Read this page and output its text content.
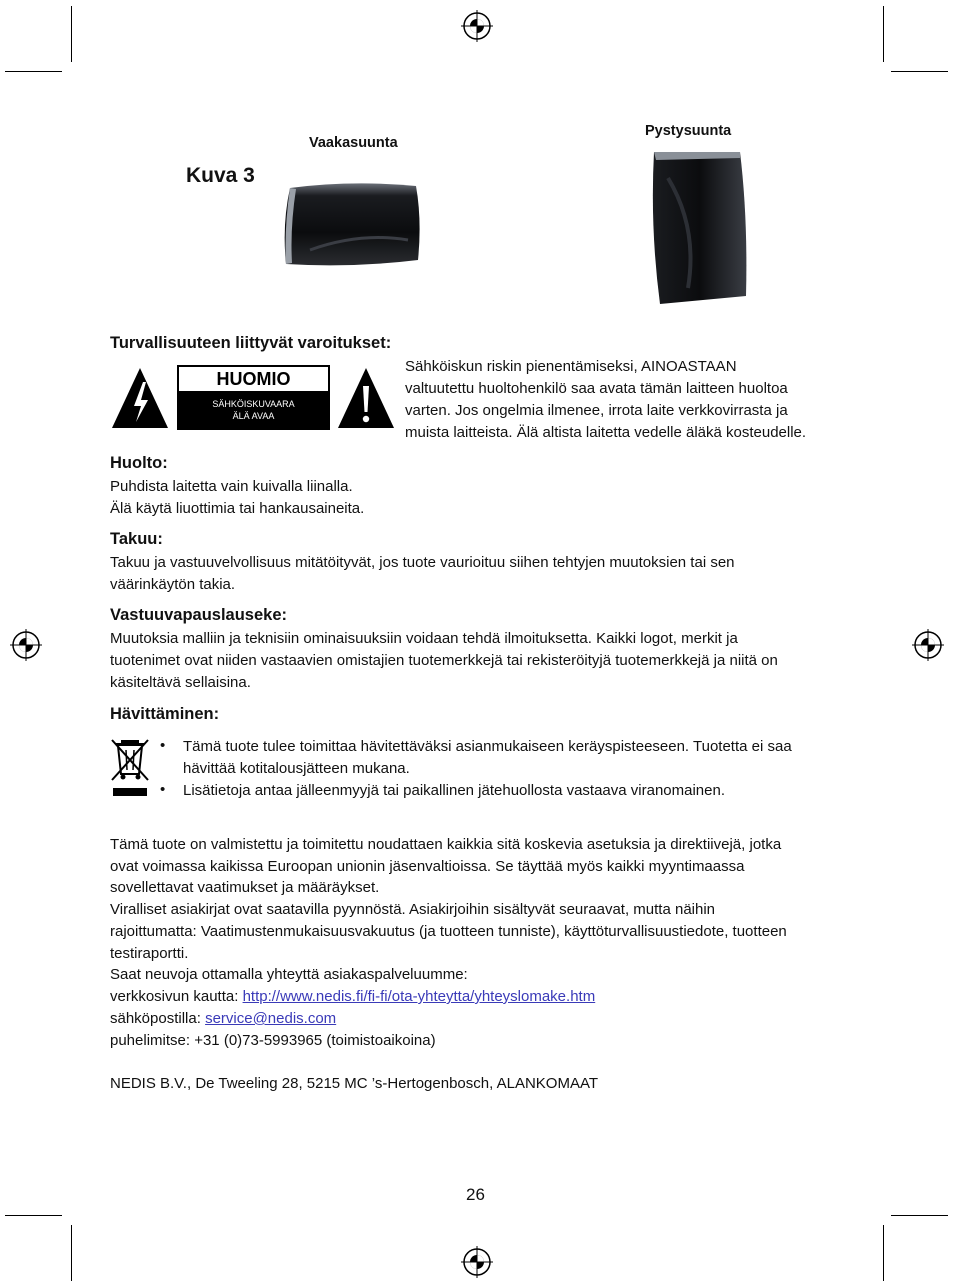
Vaakasuunta
Pystysuunta
Kuva 3
Turvallisuuteen liittyvät varoitukset:
HUOMIO
SÄHKÖISKUVAARA
ÄLÄ AVAA
Sähköiskun riskin pienentämiseksi, AINOASTAAN
valtuutettu huoltohenkilö saa avata tämän laitteen huoltoa
varten. Jos ongelmia ilmenee, irrota laite verkkovirrasta ja
muista laitteista. Älä altista laitetta vedelle äläkä kosteudelle.
Huolto:
Puhdista laitetta vain kuivalla liinalla.
Älä käytä liuottimia tai hankausaineita.
Takuu:
Takuu ja vastuuvelvollisuus mitätöityvät, jos tuote vaurioituu siihen tehtyjen muutoksien tai sen
väärinkäytön takia.
Vastuuvapauslauseke:
Muutoksia malliin ja teknisiin ominaisuuksiin voidaan tehdä ilmoituksetta. Kaikki logot, merkit ja
tuotenimet ovat niiden vastaavien omistajien tuotemerkkejä tai rekisteröityjä tuotemerkkejä ja niitä on
käsiteltävä sellaisina.
Hävittäminen:
• Tämä tuote tulee toimittaa hävitettäväksi asianmukaiseen keräyspisteeseen. Tuotetta ei saa
hävittää kotitalousjätteen mukana.
• Lisätietoja antaa jälleenmyyjä tai paikallinen jätehuollosta vastaava viranomainen.
Tämä tuote on valmistettu ja toimitettu noudattaen kaikkia sitä koskevia asetuksia ja direktiivejä, jotka
ovat voimassa kaikissa Euroopan unionin jäsenvaltioissa. Se täyttää myös kaikki myyntimaassa
sovellettavat vaatimukset ja määräykset.
Viralliset asiakirjat ovat saatavilla pyynnöstä. Asiakirjoihin sisältyvät seuraavat, mutta näihin
rajoittumatta: Vaatimustenmukaisuusvakuutus (ja tuotteen tunniste), käyttöturvallisuustiedote, tuotteen
testiraportti.
Saat neuvoja ottamalla yhteyttä asiakaspalveluumme:
verkkosivun kautta: http://www.nedis.fi/fi-fi/ota-yhteytta/yhteyslomake.htm
sähköpostilla: service@nedis.com
puhelimitse: +31 (0)73-5993965 (toimistoaikoina)
NEDIS B.V., De Tweeling 28, 5215 MC ’s-Hertogenbosch, ALANKOMAAT
26
